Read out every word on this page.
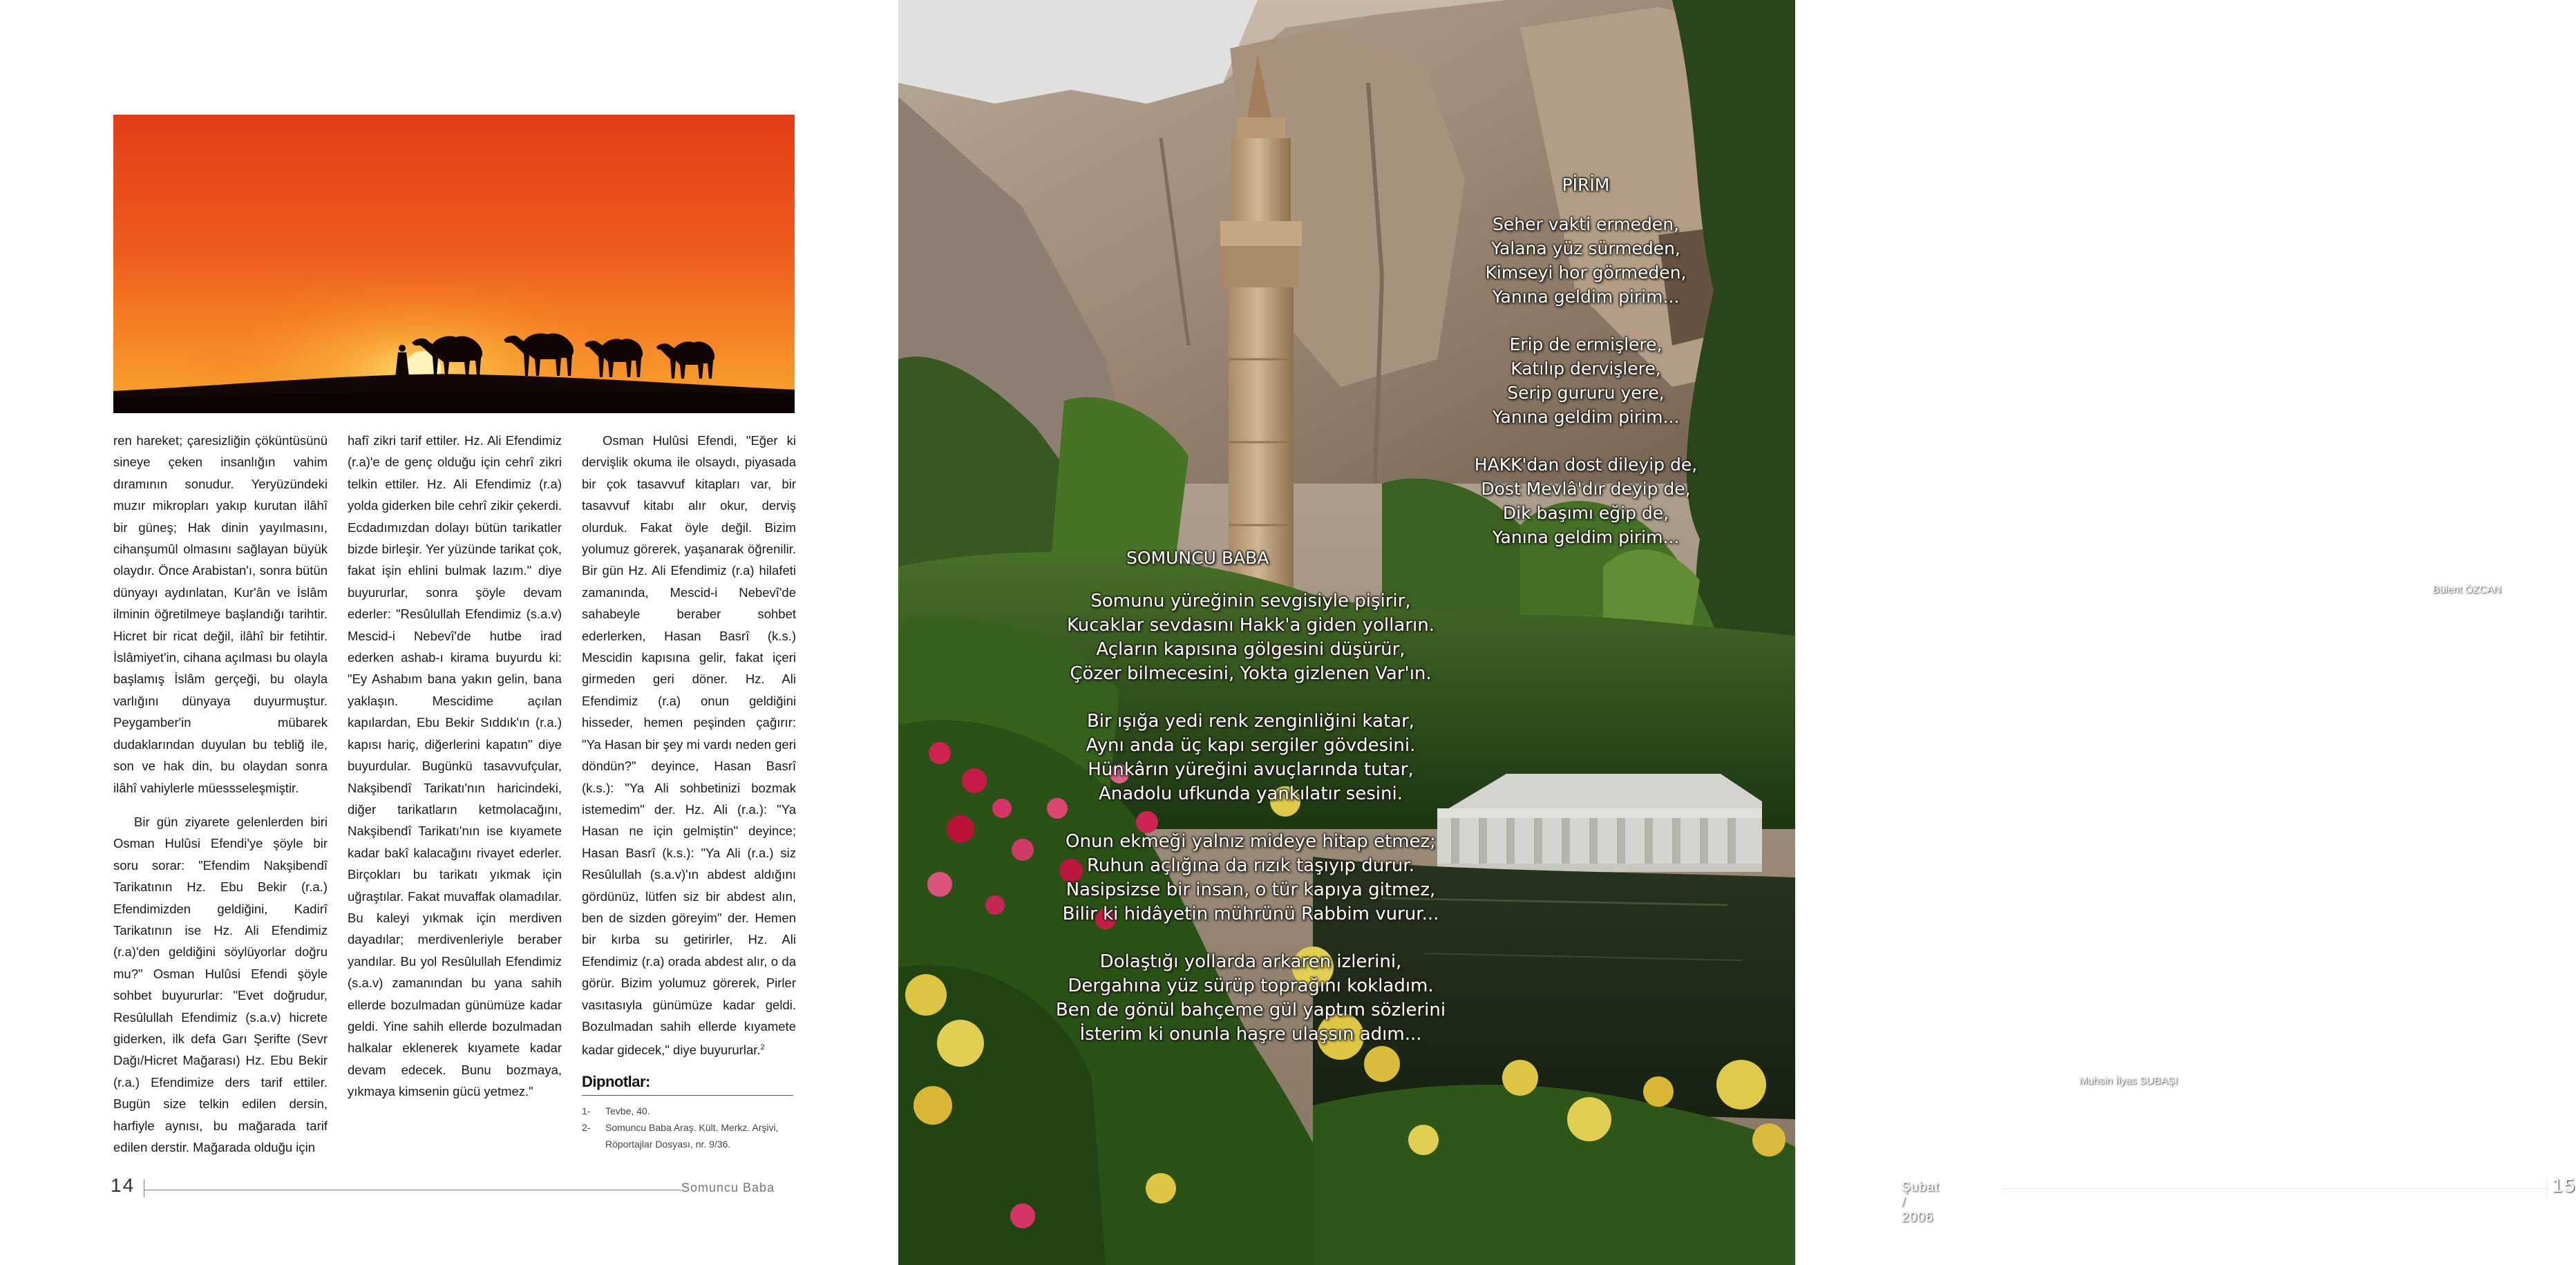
ren hareket; çaresizliğin çöküntüsünü sineye çeken insanlığın vahim dıramının sonudur. Yeryüzündeki muzır mikropları yakıp kurutan ilâhî bir güneş; Hak dinin yayılmasını, cihanşumûl olmasını sağlayan büyük olaydır. Önce Arabistan'ı, sonra bütün dünyayı aydınlatan, Kur'ân ve İslâm ilminin öğretilmeye başlandığı tarihtir. Hicret bir ricat değil, ilâhî bir fetihtir. İslâmiyet'in, cihana açılması bu olayla başlamış İslâm gerçeği, bu olayla varlığını dünyaya duyurmuştur. Peygamber'in mübarek dudaklarından duyulan bu tebliğ ile, son ve hak din, bu olaydan sonra ilâhî vahiylerle müessseleşmiştir.

Bir gün ziyarete gelenlerden biri Osman Hulûsi Efendi'ye şöyle bir soru sorar: "Efendim Nakşibendî Tarikatının Hz. Ebu Bekir (r.a.) Efendimizden geldiğini, Kadirî Tarikatının ise Hz. Ali Efendimiz (r.a)'den geldiğini söylüyorlar doğru mu?" Osman Hulûsi Efendi şöyle sohbet buyururlar: "Evet doğrudur, Resûlullah Efendimiz (s.a.v) hicrete giderken, ilk defa Garı Şerifte (Sevr Dağı/Hicret Mağarası) Hz. Ebu Bekir (r.a.) Efendimize ders tarif ettiler. Bugün size telkin edilen dersin, harfiyle aynısı, bu mağarada tarif edilen derstir. Mağarada olduğu için

hafî zikri tarif ettiler. Hz. Ali Efendimiz (r.a)'e de genç olduğu için cehrî zikri telkin ettiler. Hz. Ali Efendimiz (r.a) yolda giderken bile cehrî zikir çekerdi. Ecdadımızdan dolayı bütün tarikatler bizde birleşir. Yer yüzünde tarikat çok, fakat işin ehlini bulmak lazım." diye buyururlar, sonra şöyle devam ederler: "Resûlullah Efendimiz (s.a.v) Mescid-i Nebevî'de hutbe irad ederken ashab-ı kirama buyurdu ki: "Ey Ashabım bana yakın gelin, bana yaklaşın. Mescidime açılan kapılardan, Ebu Bekir Sıddık'ın (r.a.) kapısı hariç, diğerlerini kapatın" diye buyurdular. Bugünkü tasavvufçular, Nakşibendî Tarikatı'nın haricindeki, diğer tarikatların ketmolacağını, Nakşibendî Tarikatı'nın ise kıyamete kadar bakî kalacağını rivayet ederler. Birçokları bu tarikatı yıkmak için uğraştılar. Fakat muvaffak olamadılar. Bu kaleyi yıkmak için merdiven dayadılar; merdivenleriyle beraber yandılar. Bu yol Resûlullah Efendimiz (s.a.v) zamanından bu yana sahih ellerde bozulmadan günümüze kadar geldi. Yine sahih ellerde bozulmadan halkalar eklenerek kıyamete kadar devam edecek. Bunu bozmaya, yıkmaya kimsenin gücü yetmez."

Osman Hulûsi Efendi, "Eğer ki dervişlik okuma ile olsaydı, piyasada bir çok tasavvuf kitapları var, bir tasavvuf kitabı alır okur, derviş olurduk. Fakat öyle değil. Bizim yolumuz görerek, yaşanarak öğrenilir. Bir gün Hz. Ali Efendimiz (r.a) hilafeti zamanında, Mescid-i Nebevî'de sahabeyle beraber sohbet ederlerken, Hasan Basrî (k.s.) Mescidin kapısına gelir, fakat içeri girmeden geri döner. Hz. Ali Efendimiz (r.a) onun geldiğini hisseder, hemen peşinden çağırır: "Ya Hasan bir şey mi vardı neden geri döndün?" deyince, Hasan Basrî (k.s.): "Ya Ali sohbetinizi bozmak istemedim" der. Hz. Ali (r.a.): "Ya Hasan ne için gelmiştin" deyince; Hasan Basrî (k.s.): "Ya Ali (r.a.) siz Resûlullah (s.a.v)'ın abdest aldığını gördünüz, lütfen siz bir abdest alın, ben de sizden göreyim" der. Hemen bir kırba su getirirler, Hz. Ali Efendimiz (r.a) orada abdest alır, o da görür. Bizim yolumuz görerek, Pirler vasıtasıyla günümüze kadar geldi. Bozulmadan sahih ellerde kıyamete kadar gidecek," diye buyururlar.$^2$

Dipnotlar:
1-	Tevbe, 40.
2-	Somuncu Baba Araş. Kült. Merkz. Arşivi, Röportajlar Dosyası, nr. 9/36.
14	Somuncu Baba
Bülent ÖZCAN
Muhsin İlyas SUBAŞI
Şubat / 2006
15
PİRİM
Seher vakti ermeden,
Yalana yüz sürmeden,
Kimseyi hor görmeden,
Yanına geldim pirim...
Erip de ermişlere,
Katılıp dervişlere,
Serip gururu yere,
Yanına geldim pirim...
HAKK'dan dost dileyip de,
Dost Mevlâ'dır deyip de,
Dik başımı eğip de,
Yanına geldim pirim...
SOMUNCU BABA
Somunu yüreğinin sevgisiyle pişirir,
Kucaklar sevdasını Hakk'a giden yolların.
Açların kapısına gölgesini düşürür,
Çözer bilmecesini, Yokta gizlenen Var'ın.
Bir ışığa yedi renk zenginliğini katar,
Aynı anda üç kapı sergiler gövdesini.
Hünkârın yüreğini avuçlarında tutar,
Anadolu ufkunda yankılatır sesini.
Onun ekmeği yalnız mideye hitap etmez;
Ruhun açlığına da rızık taşıyıp durur.
Nasipsizse bir insan, o tür kapıya gitmez,
Bilir ki hidâyetin mührünü Rabbim vurur...
Dolaştığı yollarda arkaren izlerini,
Dergahına yüz sürüp toprağını kokladım.
Ben de gönül bahçeme gül yaptım sözlerini
İsterim ki onunla haşre ulaşsın adım...
